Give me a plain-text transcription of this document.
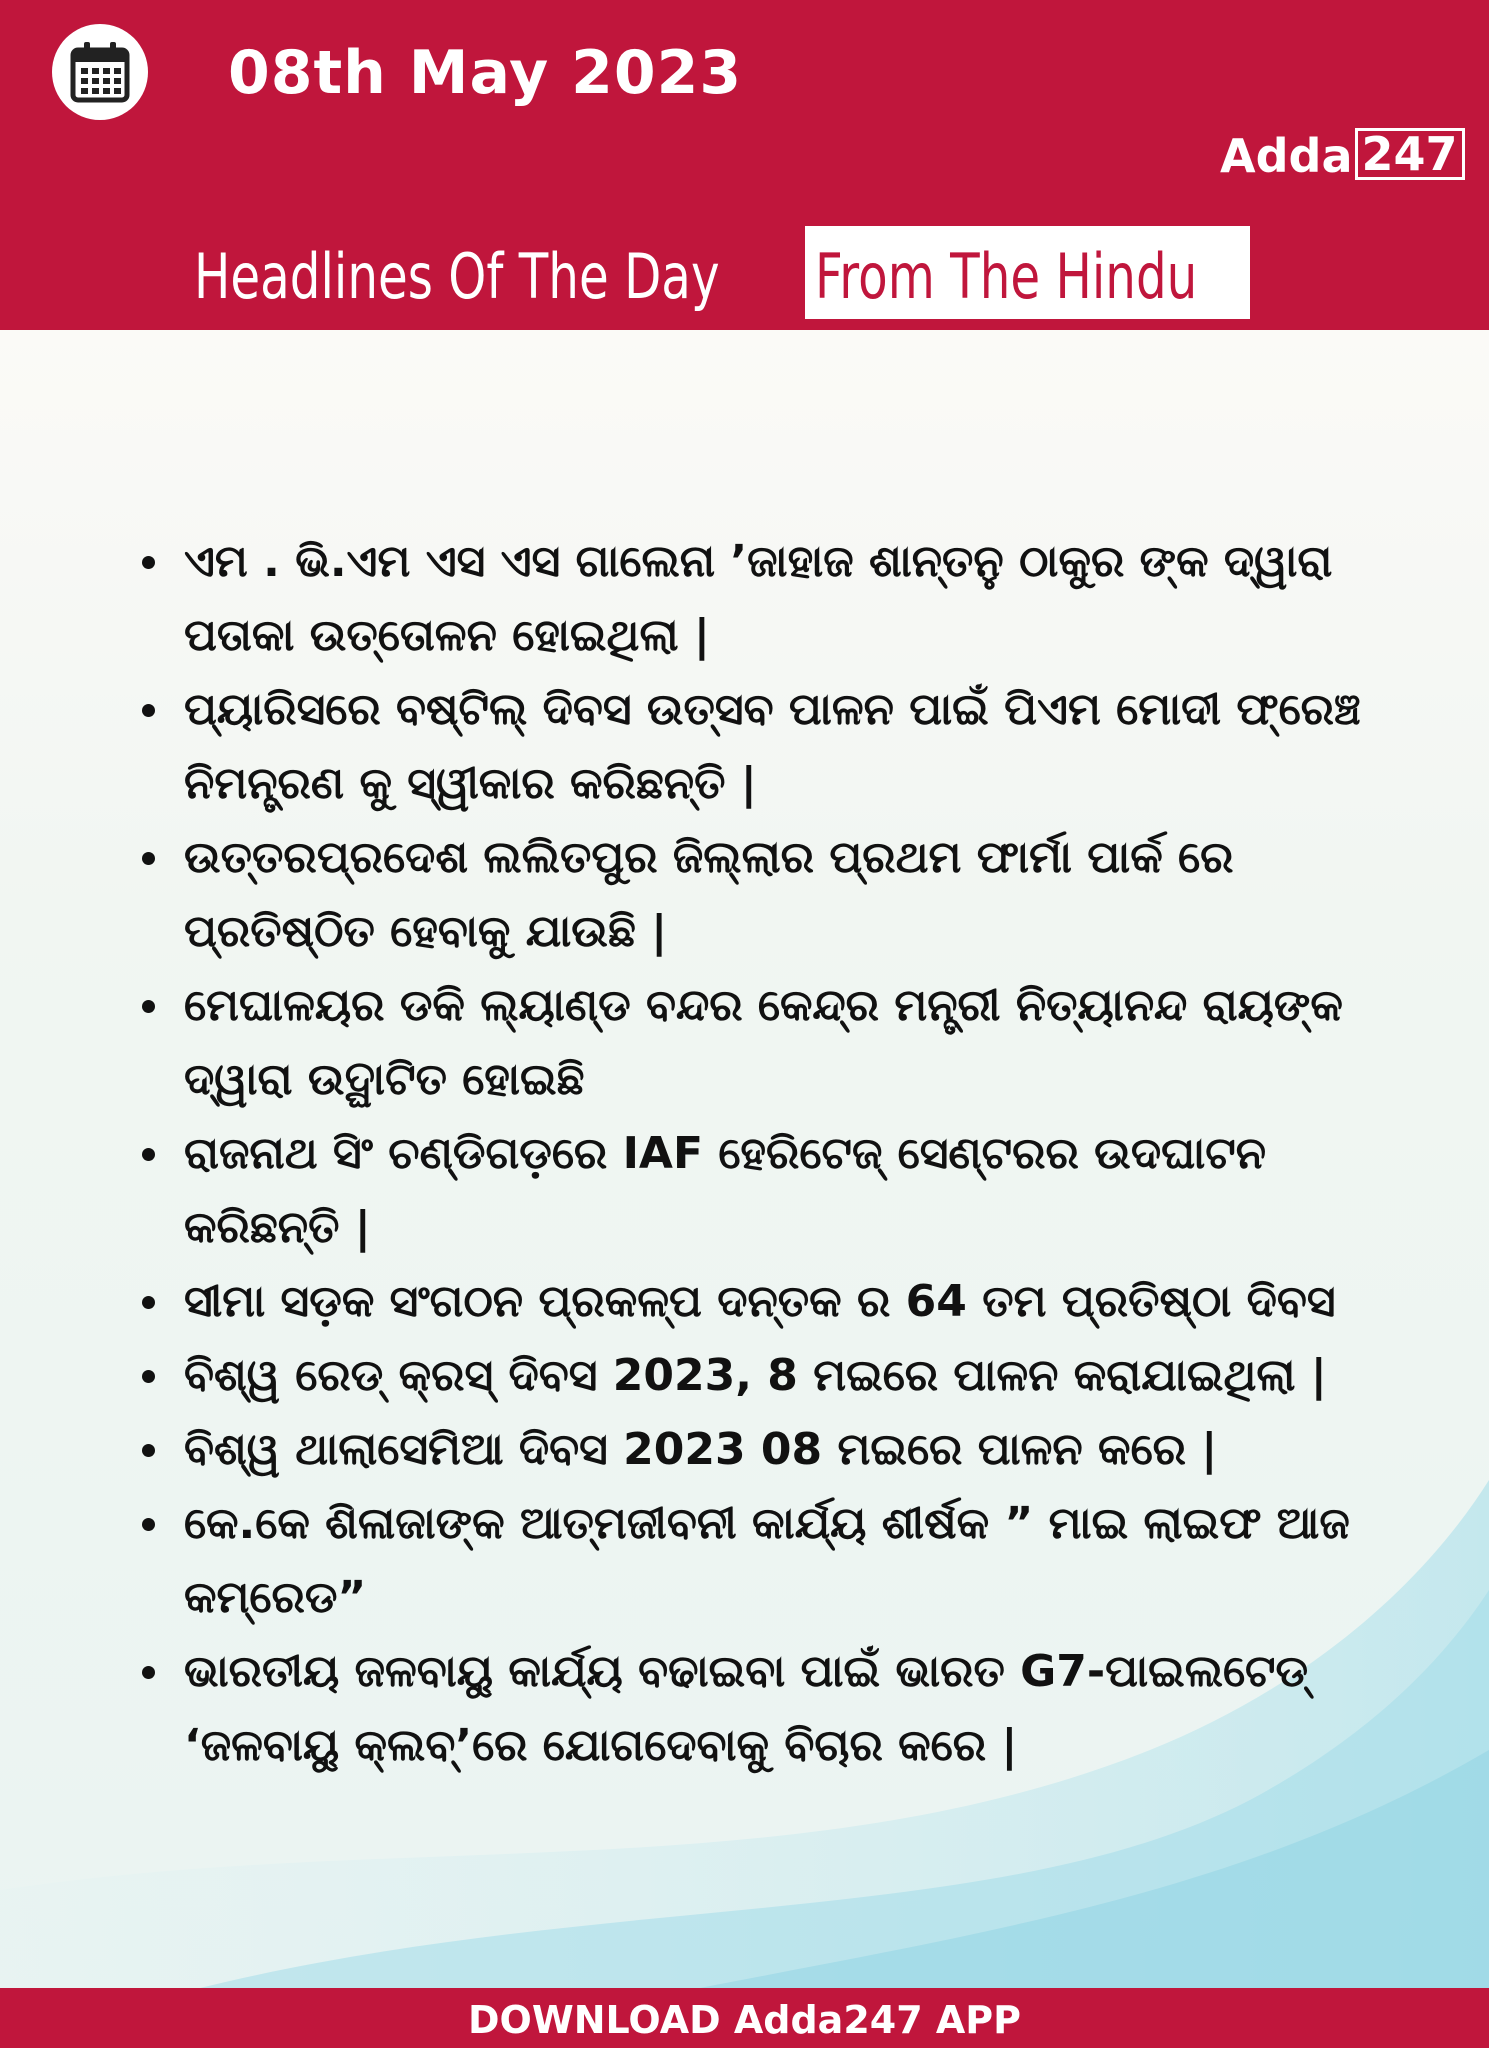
08th May 2023
Adda 247
Headlines Of The Day From The Hindu
ଏମ . ଭି.ଏମ ଏସ ଏସ ଗାଲେନା ’ଜାହାଜ ଶାନ୍ତନୁ ଠାକୁର ଙ୍କ ଦ୍ୱାରା ପତାକା ଉତ୍ତୋଳନ ହୋଇଥିଲା |
ପ୍ୟାରିସରେ ବଷ୍ଟିଲ୍ ଦିବସ ଉତ୍ସବ ପାଳନ ପାଇଁ ପିଏମ ମୋଦୀ ଫ୍ରେଞ୍ଚ ନିମନ୍ତ୍ରଣ କୁ ସ୍ୱୀକାର କରିଛନ୍ତି |
ଉତ୍ତରପ୍ରଦେଶ ଲଲିତପୁର ଜିଲ୍ଲାର ପ୍ରଥମ ଫାର୍ମା ପାର୍କ ରେ ପ୍ରତିଷ୍ଠିତ ହେବାକୁ ଯାଉଛି |
ମେଘାଳୟର ଡକି ଲ୍ୟାଣ୍ଡ ବନ୍ଦର କେନ୍ଦ୍ର ମନ୍ତ୍ରୀ ନିତ୍ୟାନନ୍ଦ ରାୟଙ୍କ ଦ୍ୱାରା ଉଦ୍ଘାଟିତ ହୋଇଛି
ରାଜନାଥ ସିଂ ଚଣ୍ଡିଗଡ଼ରେ IAF ହେରିଟେଜ୍ ସେଣ୍ଟରର ଉଦଘାଟନ କରିଛନ୍ତି |
ସୀମା ସଡ଼କ ସଂଗଠନ ପ୍ରକଳ୍ପ ଦନ୍ତକ ର 64 ତମ ପ୍ରତିଷ୍ଠା ଦିବସ
ବିଶ୍ୱ ରେଡ୍ କ୍ରସ୍ ଦିବସ 2023, 8 ମଇରେ ପାଳନ କରାଯାଇଥିଲା |
ବିଶ୍ୱ ଥାଲାସେମିଆ ଦିବସ 2023 08 ମଇରେ ପାଳନ କରେ |
କେ.କେ ଶିଳାଜାଙ୍କ ଆତ୍ମଜୀବନୀ କାର୍ଯ୍ୟ ଶୀର୍ଷକ ” ମାଇ ଲାଇଫ ଆଜ କମ୍ରେଡ”
ଭାରତୀୟ ଜଳବାୟୁ କାର୍ଯ୍ୟ ବଢାଇବା ପାଇଁ ଭାରତ G7-ପାଇଲଟେଡ୍ ‘ଜଳବାୟୁ କ୍ଲବ୍’ରେ ଯୋଗଦେବାକୁ ବିଚାର କରେ |
DOWNLOAD Adda247 APP
